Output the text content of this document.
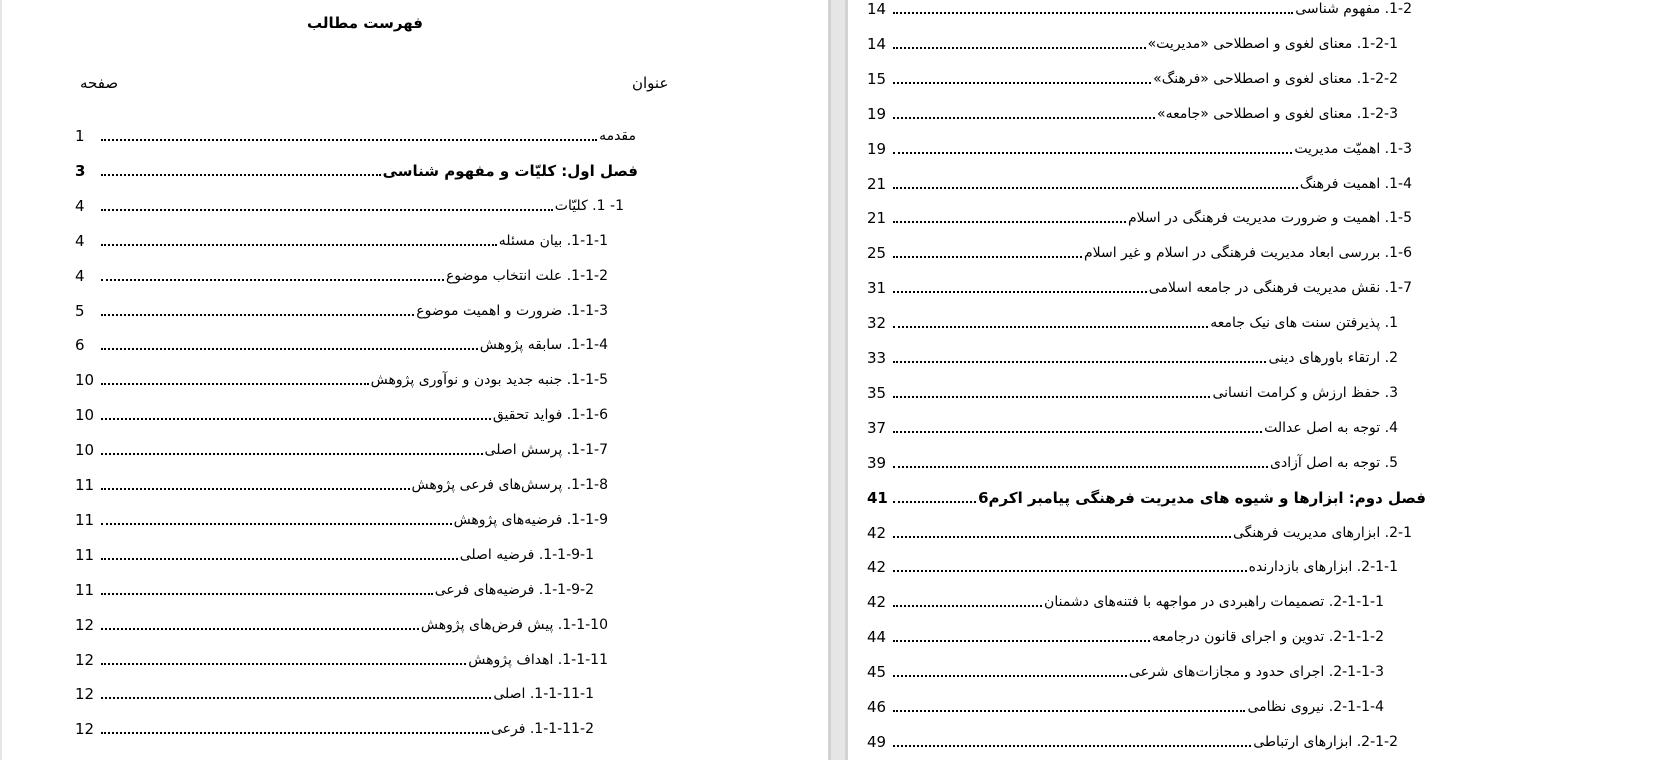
فهرست مطالب
صفحه	عنوان
1	مقدمه
3	فصل اول: کلیّات و مفهوم شناسی
4	1- 1. کلیّات
4	1-1-1. بیان مسئله
4	1-1-2. علت انتخاب موضوع
5	1-1-3. ضرورت و اهمیت موضوع
6	1-1-4. سابقه پژوهش
10	1-1-5. جنبه جدید بودن و نوآوری پژوهش
10	1-1-6. فواید تحقیق
10	1-1-7. پرسش اصلی
11	1-1-8. پرسش‌های فرعی پژوهش
11	1-1-9. فرضیه‌های پژوهش
11	1-1-9-1. فرضیه اصلی
11	1-1-9-2. فرضیه‌های فرعی
12	1-1-10. پیش فرض‌های پژوهش
12	1-1-11. اهداف پژوهش
12	1-1-11-1. اصلی
12	1-1-11-2. فرعی
14	1-2. مفهوم شناسی
14	1-2-1. معنای لغوی و اصطلاحی «مدیریت»
15	1-2-2. معنای لغوی و اصطلاحی «فرهنگ»
19	1-2-3. معنای لغوی و اصطلاحی «جامعه»
19	1-3. اهمیّت مدیریت
21	1-4. اهمیت فرهنگ
21	1-5. اهمیت و ضرورت مدیریت فرهنگی در اسلام
25	1-6. بررسی ابعاد مدیریت فرهنگی در اسلام و غیر اسلام
31	1-7. نقش مدیریت فرهنگی در جامعه اسلامی
32	1. پذیرفتن سنت های نیک جامعه
33	2. ارتقاء باورهای دینی
35	3. حفظ ارزش و کرامت انسانی
37	4. توجه به اصل عدالت
39	5. توجه به اصل آزادی
41	فصل دوم: ابزارها و شیوه های مدیریت فرهنگی پیامبر اکرم6
42	2-1. ابزارهای مدیریت فرهنگی
42	2-1-1. ابزارهای بازدارنده
42	2-1-1-1. تصمیمات راهبردی در مواجهه با فتنه‌های دشمنان
44	2-1-1-2. تدوین و اجرای قانون درجامعه
45	2-1-1-3. اجرای حدود و مجازات‌های شرعی
46	2-1-1-4. نیروی نظامی
49	2-1-2. ابزارهای ارتباطی
